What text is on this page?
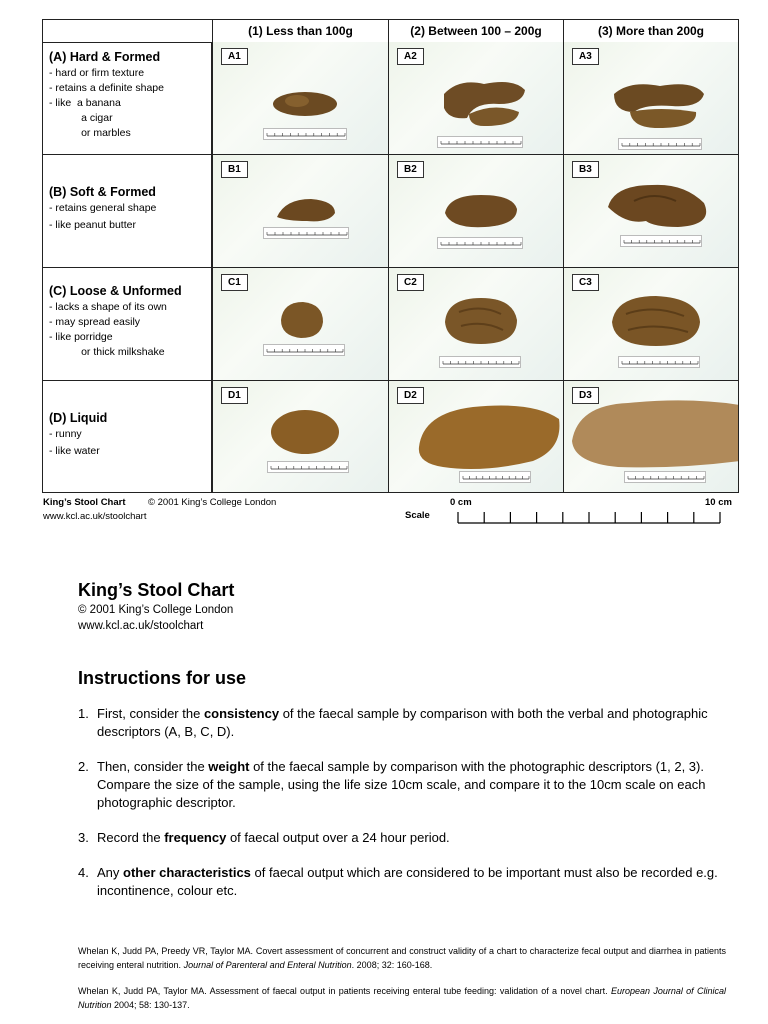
(1) Less than 100g	(2) Between 100 – 200g	(3) More than 200g
(A) Hard & Formed
- hard or firm texture
- retains a definite shape
- like  a banana
a cigar
or marbles
A1	A2	A3
(B) Soft & Formed
- retains general shape
- like peanut butter
B1	B2	B3
(C) Loose & Unformed
- lacks a shape of its own
- may spread easily
- like porridge
or thick milkshake
C1	C2	C3
(D) Liquid
- runny
- like water
D1	D2	D3
King’s Stool Chart © 2001 King’s College London
www.kcl.ac.uk/stoolchart
0 cm	10 cm
Scale
King’s Stool Chart
© 2001 King’s College London
www.kcl.ac.uk/stoolchart
Instructions for use
1. First, consider the consistency of the faecal sample by comparison with both the verbal and photographic descriptors (A, B, C, D).
2. Then, consider the weight of the faecal sample by comparison with the photographic descriptors (1, 2, 3). Compare the size of the sample, using the life size 10cm scale, and compare it to the 10cm scale on each photographic descriptor.
3. Record the frequency of faecal output over a 24 hour period.
4. Any other characteristics of faecal output which are considered to be important must also be recorded e.g. incontinence, colour etc.
Whelan K, Judd PA, Preedy VR, Taylor MA. Covert assessment of concurrent and construct validity of a chart to characterize fecal output and diarrhea in patients receiving enteral nutrition. Journal of Parenteral and Enteral Nutrition. 2008; 32: 160-168.
Whelan K, Judd PA, Taylor MA. Assessment of faecal output in patients receiving enteral tube feeding: validation of a novel chart. European Journal of Clinical Nutrition 2004; 58: 130-137.
